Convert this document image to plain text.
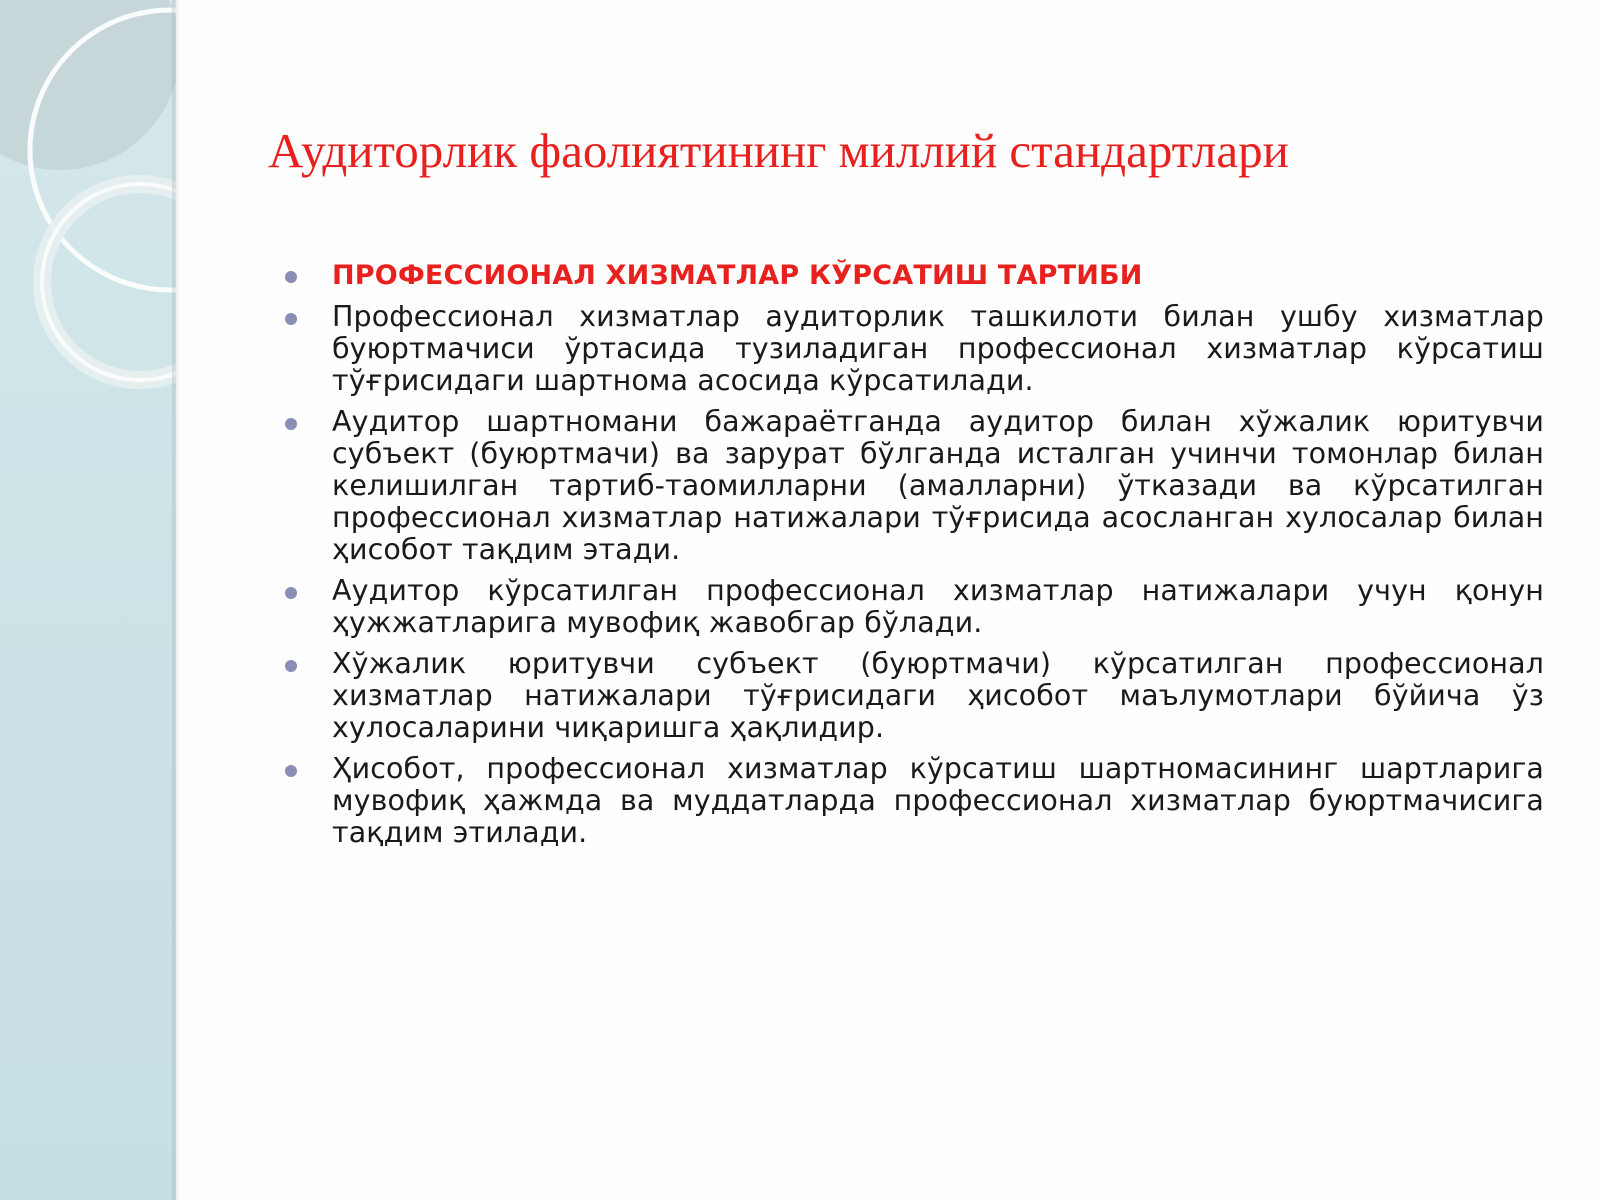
Аудиторлик фаолиятининг миллий стандартлари
ПРОФЕССИОНАЛ ХИЗМАТЛАР КЎРСАТИШ ТАРТИБИ
Профессионал хизматлар аудиторлик ташкилоти билан ушбу хизматлар буюртмачиси ўртасида тузиладиган профессионал хизматлар кўрсатиш тўғрисидаги шартнома асосида кўрсатилади.
Аудитор шартномани бажараётганда аудитор билан хўжалик юритувчи субъект (буюртмачи) ва зарурат бўлганда исталган учинчи томонлар билан келишилган тартиб-таомилларни (амалларни) ўтказади ва кўрсатилган профессионал хизматлар натижалари тўғрисида асосланган хулосалар билан ҳисобот тақдим этади.
Аудитор кўрсатилган профессионал хизматлар натижалари учун қонун ҳужжатларига мувофиқ жавобгар бўлади.
Хўжалик юритувчи субъект (буюртмачи) кўрсатилган профессионал хизматлар натижалари тўғрисидаги ҳисобот маълумотлари бўйича ўз хулосаларини чиқаришга ҳақлидир.
Ҳисобот, профессионал хизматлар кўрсатиш шартномасининг шартларига мувофиқ ҳажмда ва муддатларда профессионал хизматлар буюртмачисига тақдим этилади.
